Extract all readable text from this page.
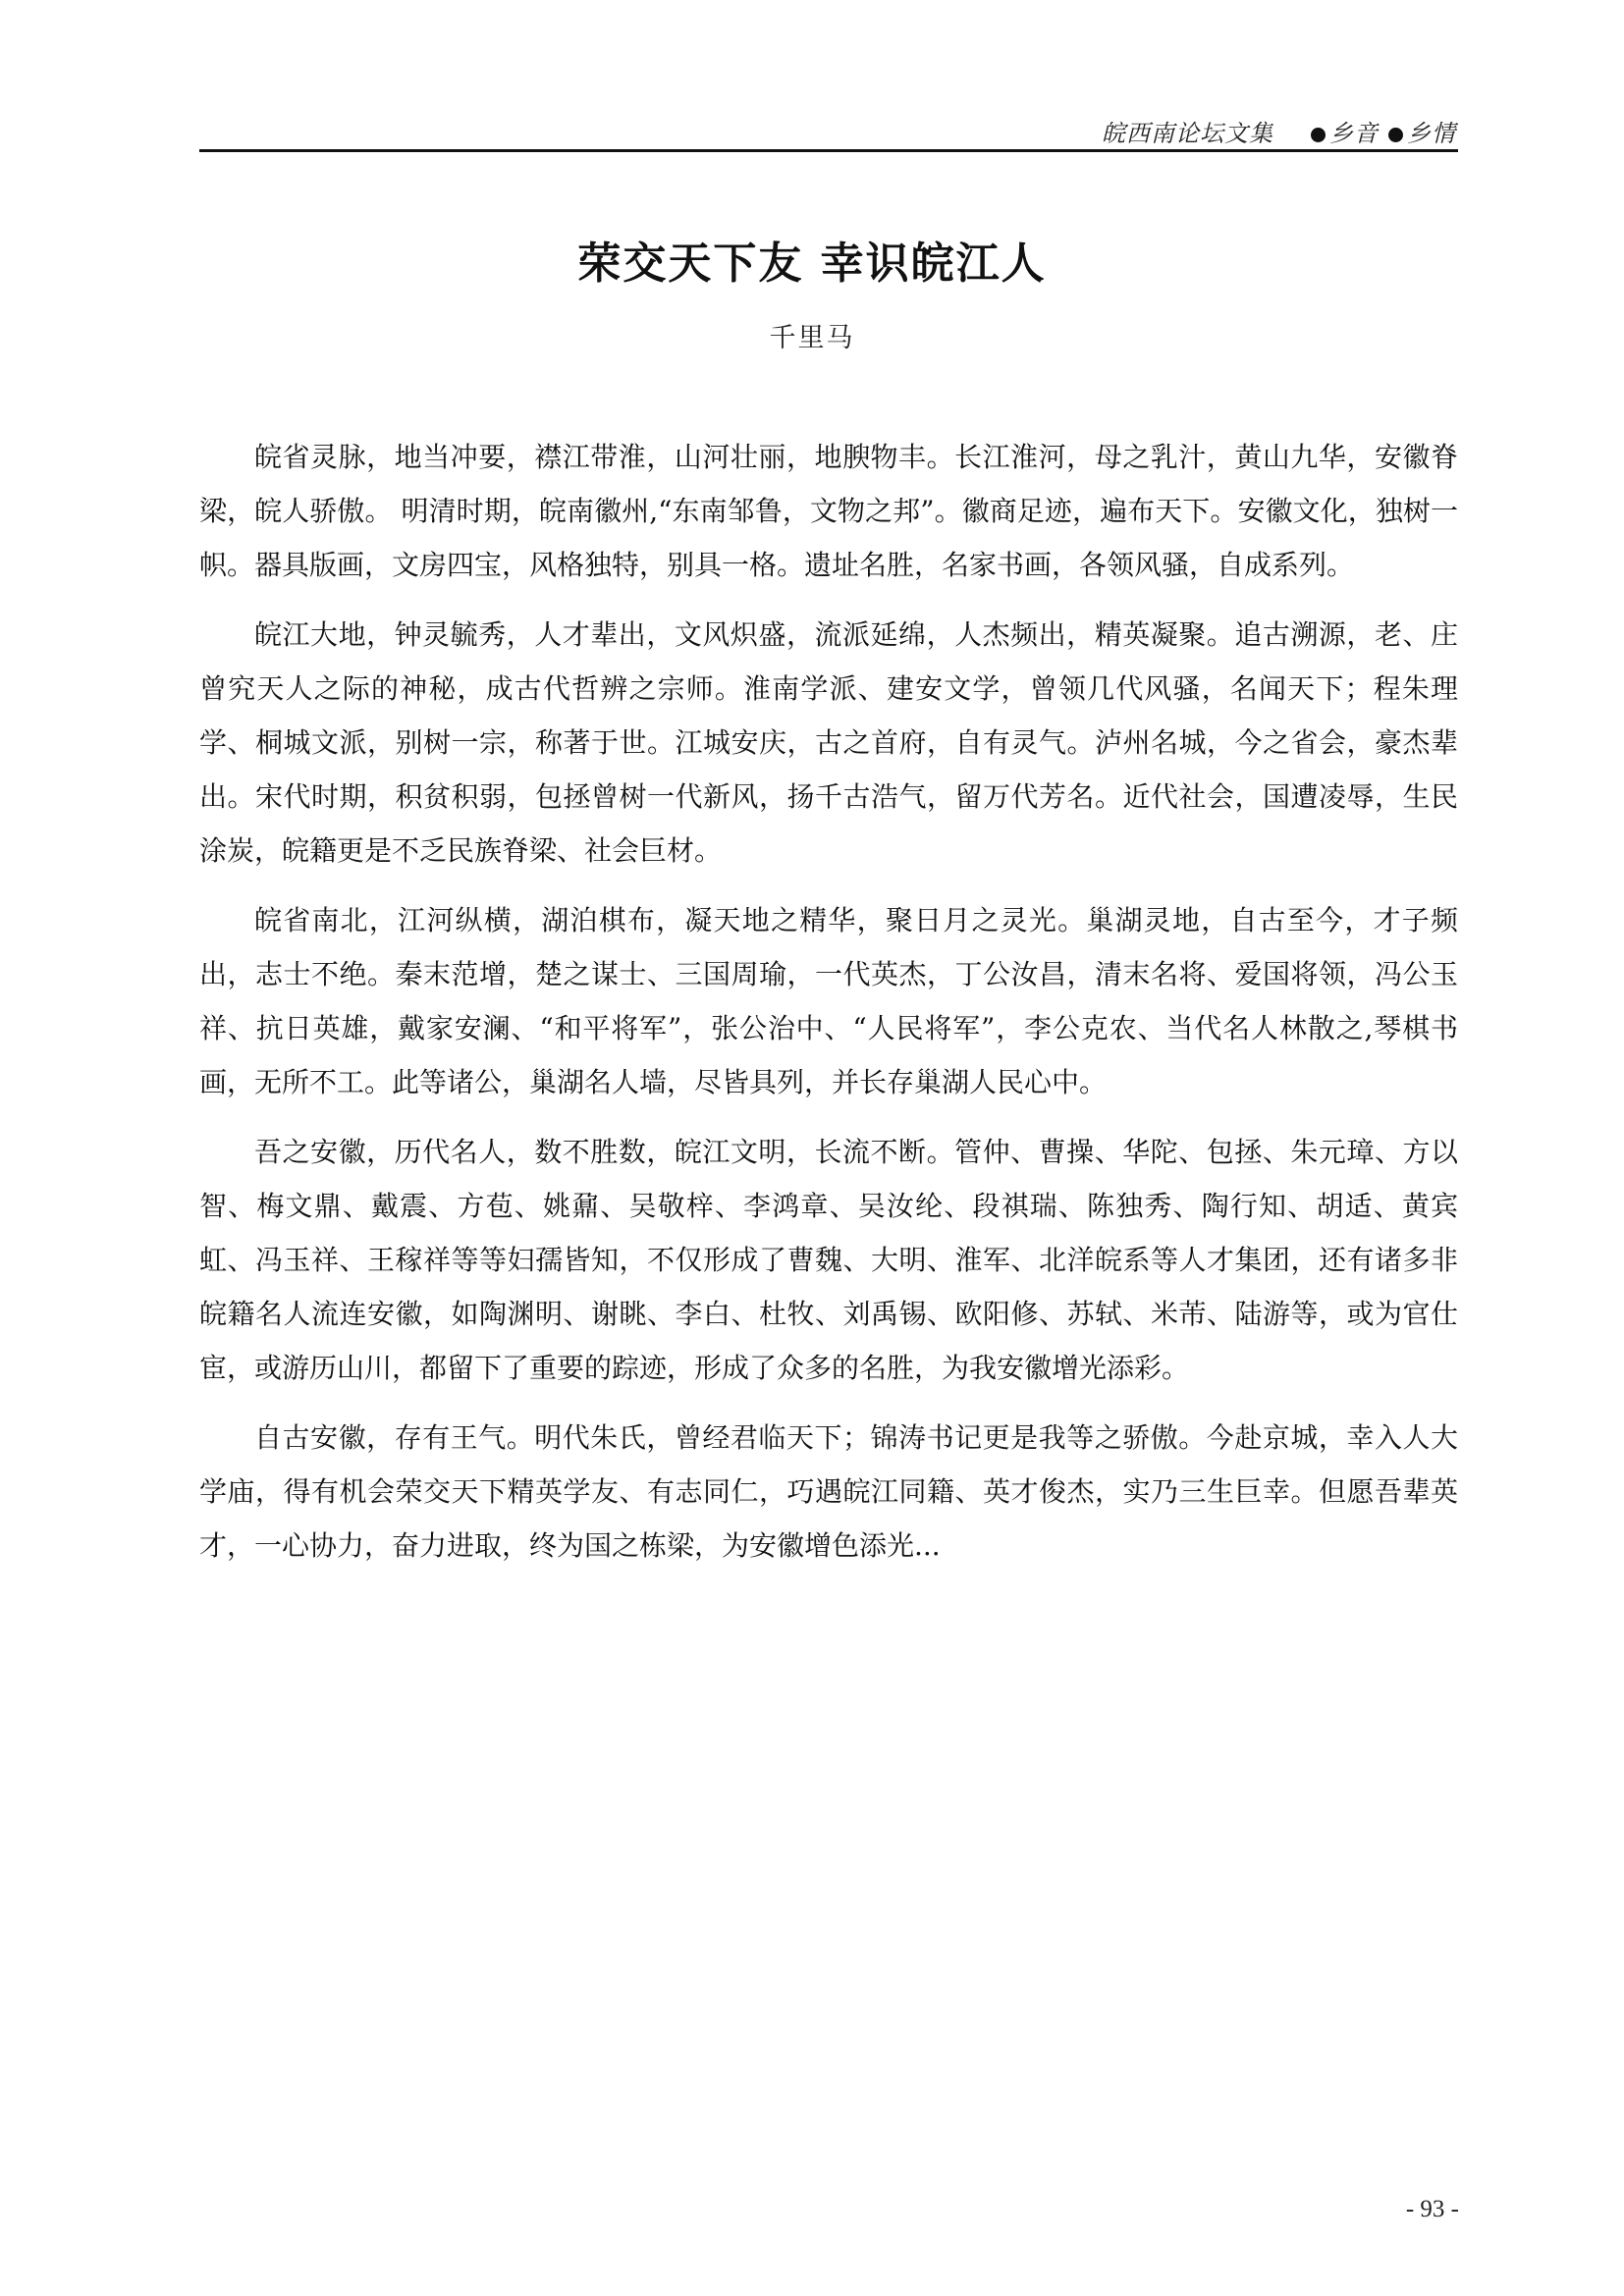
皖西南论坛文集 乡音 乡情
荣交天下友 幸识皖江人
千里马

皖省灵脉，地当冲要，襟江带淮，山河壮丽，地腴物丰。长江淮河，母之乳汁，黄山九华，安徽脊梁，皖人骄傲。 明清时期，皖南徽州,“东南邹鲁，文物之邦”。徽商足迹，遍布天下。安徽文化，独树一帜。器具版画，文房四宝，风格独特，别具一格。遗址名胜，名家书画，各领风骚，自成系列。

皖江大地，钟灵毓秀，人才辈出，文风炽盛，流派延绵，人杰频出，精英凝聚。追古溯源，老、庄曾究天人之际的神秘，成古代哲辨之宗师。淮南学派、建安文学，曾领几代风骚，名闻天下；程朱理学、桐城文派，别树一宗，称著于世。江城安庆，古之首府，自有灵气。泸州名城，今之省会，豪杰辈出。宋代时期，积贫积弱，包拯曾树一代新风，扬千古浩气，留万代芳名。近代社会，国遭凌辱，生民涂炭，皖籍更是不乏民族脊梁、社会巨材。

皖省南北，江河纵横，湖泊棋布，凝天地之精华，聚日月之灵光。巢湖灵地，自古至今，才子频出，志士不绝。秦末范增，楚之谋士、三国周瑜，一代英杰，丁公汝昌，清末名将、爱国将领，冯公玉祥、抗日英雄，戴家安澜、“和平将军”，张公治中、“人民将军”，李公克农、当代名人林散之,琴棋书画，无所不工。此等诸公，巢湖名人墙，尽皆具列，并长存巢湖人民心中。

吾之安徽，历代名人，数不胜数，皖江文明，长流不断。管仲、曹操、华陀、包拯、朱元璋、方以智、梅文鼎、戴震、方苞、姚鼐、吴敬梓、李鸿章、吴汝纶、段祺瑞、陈独秀、陶行知、胡适、黄宾虹、冯玉祥、王稼祥等等妇孺皆知，不仅形成了曹魏、大明、淮军、北洋皖系等人才集团，还有诸多非皖籍名人流连安徽，如陶渊明、谢眺、李白、杜牧、刘禹锡、欧阳修、苏轼、米芾、陆游等，或为官仕宦，或游历山川，都留下了重要的踪迹，形成了众多的名胜，为我安徽增光添彩。

自古安徽，存有王气。明代朱氏，曾经君临天下；锦涛书记更是我等之骄傲。今赴京城，幸入人大学庙，得有机会荣交天下精英学友、有志同仁，巧遇皖江同籍、英才俊杰，实乃三生巨幸。但愿吾辈英才，一心协力，奋力进取，终为国之栋梁，为安徽增色添光...

- 93 -
